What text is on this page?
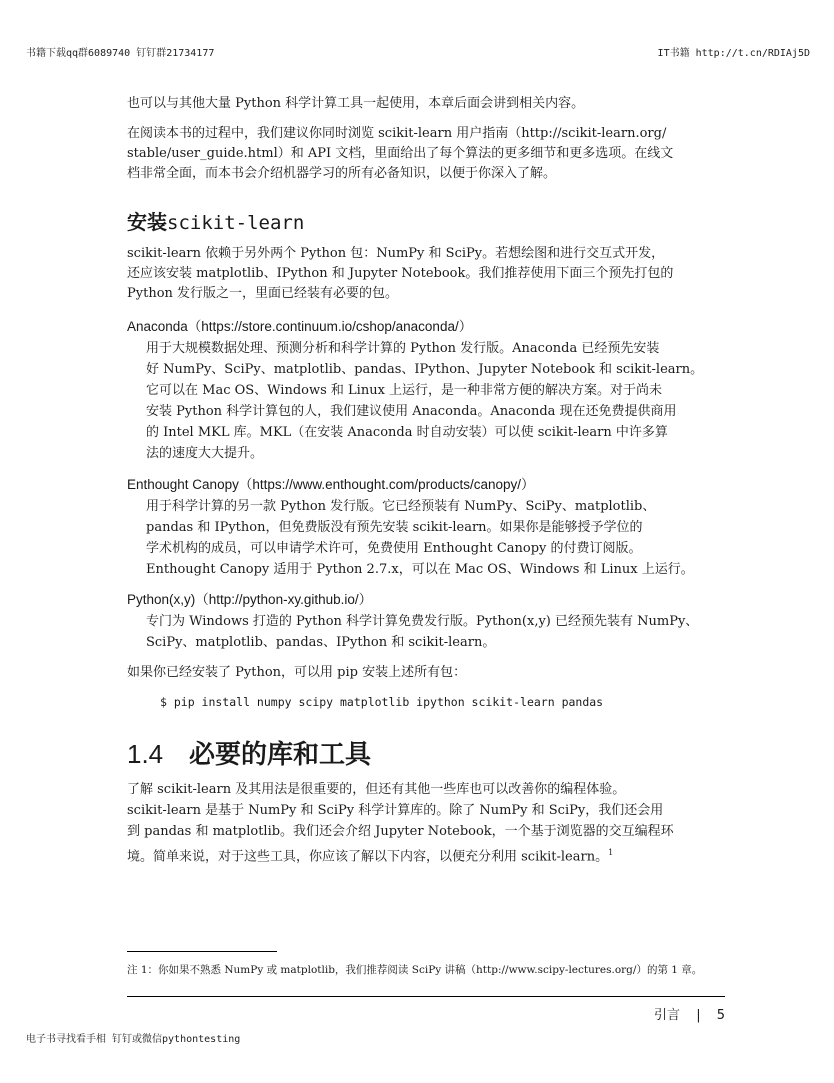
书籍下载qq群6089740 钉钉群21734177	IT书籍 http://t.cn/RDIAj5D
电子书寻找看手相 钉钉或微信pythontesting
也可以与其他大量 Python 科学计算工具一起使用，本章后面会讲到相关内容。
在阅读本书的过程中，我们建议你同时浏览 scikit-learn 用户指南（http://scikit-learn.org/
stable/user_guide.html）和 API 文档，里面给出了每个算法的更多细节和更多选项。在线文
档非常全面，而本书会介绍机器学习的所有必备知识，以便于你深入了解。
安装scikit-learn
scikit-learn 依赖于另外两个 Python 包：NumPy 和 SciPy。若想绘图和进行交互式开发，
还应该安装 matplotlib、IPython 和 Jupyter Notebook。我们推荐使用下面三个预先打包的
Python 发行版之一，里面已经装有必要的包。
Anaconda（https://store.continuum.io/cshop/anaconda/）
用于大规模数据处理、预测分析和科学计算的 Python 发行版。Anaconda 已经预先安装
好 NumPy、SciPy、matplotlib、pandas、IPython、Jupyter Notebook 和 scikit-learn。
它可以在 Mac OS、Windows 和 Linux 上运行，是一种非常方便的解决方案。对于尚未
安装 Python 科学计算包的人，我们建议使用 Anaconda。Anaconda 现在还免费提供商用
的 Intel MKL 库。MKL（在安装 Anaconda 时自动安装）可以使 scikit-learn 中许多算
法的速度大大提升。
Enthought Canopy（https://www.enthought.com/products/canopy/）
用于科学计算的另一款 Python 发行版。它已经预装有 NumPy、SciPy、matplotlib、
pandas 和 IPython，但免费版没有预先安装 scikit-learn。如果你是能够授予学位的
学术机构的成员，可以申请学术许可，免费使用 Enthought Canopy 的付费订阅版。
Enthought Canopy 适用于 Python 2.7.x，可以在 Mac OS、Windows 和 Linux 上运行。
Python(x,y)（http://python-xy.github.io/）
专门为 Windows 打造的 Python 科学计算免费发行版。Python(x,y) 已经预先装有 NumPy、
SciPy、matplotlib、pandas、IPython 和 scikit-learn。
如果你已经安装了 Python，可以用 pip 安装上述所有包：
$ pip install numpy scipy matplotlib ipython scikit-learn pandas
1.4 必要的库和工具
了解 scikit-learn 及其用法是很重要的，但还有其他一些库也可以改善你的编程体验。
scikit-learn 是基于 NumPy 和 SciPy 科学计算库的。除了 NumPy 和 SciPy，我们还会用
到 pandas 和 matplotlib。我们还会介绍 Jupyter Notebook，一个基于浏览器的交互编程环
境。简单来说，对于这些工具，你应该了解以下内容，以便充分利用 scikit-learn。$^1$
注 1：你如果不熟悉 NumPy 或 matplotlib，我们推荐阅读 SciPy 讲稿（http://www.scipy-lectures.org/）的第 1 章。
引言 | 5
